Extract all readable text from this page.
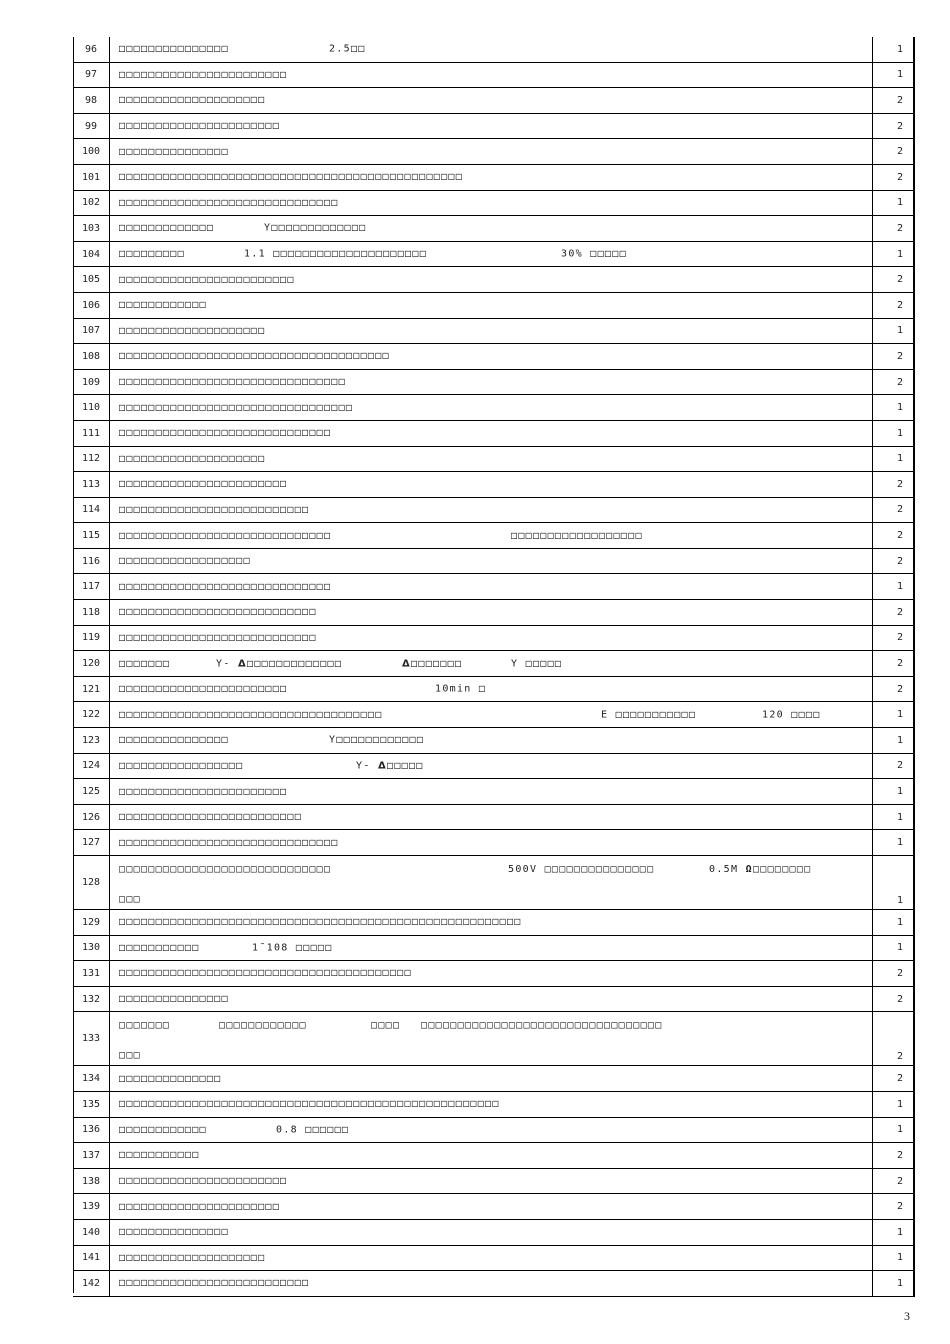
96	□□□□□□□□□□□□□□□ 2.5□□	1
97	□□□□□□□□□□□□□□□□□□□□□□□	1
98	□□□□□□□□□□□□□□□□□□□□	2
99	□□□□□□□□□□□□□□□□□□□□□□	2
100	□□□□□□□□□□□□□□□	2
101	□□□□□□□□□□□□□□□□□□□□□□□□□□□□□□□□□□□□□□□□□□□□□□□	2
102	□□□□□□□□□□□□□□□□□□□□□□□□□□□□□□	1
103	□□□□□□□□□□□□□ Y□□□□□□□□□□□□□	2
104	□□□□□□□□□ 1.1 □□□□□□□□□□□□□□□□□□□□□ 30% □□□□□	1
105	□□□□□□□□□□□□□□□□□□□□□□□□	2
106	□□□□□□□□□□□□	2
107	□□□□□□□□□□□□□□□□□□□□	1
108	□□□□□□□□□□□□□□□□□□□□□□□□□□□□□□□□□□□□□	2
109	□□□□□□□□□□□□□□□□□□□□□□□□□□□□□□□	2
110	□□□□□□□□□□□□□□□□□□□□□□□□□□□□□□□□	1
111	□□□□□□□□□□□□□□□□□□□□□□□□□□□□□	1
112	□□□□□□□□□□□□□□□□□□□□	1
113	□□□□□□□□□□□□□□□□□□□□□□□	2
114	□□□□□□□□□□□□□□□□□□□□□□□□□□	2
115	□□□□□□□□□□□□□□□□□□□□□□□□□□□□□ □□□□□□□□□□□□□□□□□□	2
116	□□□□□□□□□□□□□□□□□□	2
117	□□□□□□□□□□□□□□□□□□□□□□□□□□□□□	1
118	□□□□□□□□□□□□□□□□□□□□□□□□□□□	2
119	□□□□□□□□□□□□□□□□□□□□□□□□□□□	2
120	□□□□□□□ Y- Δ□□□□□□□□□□□□□ Δ□□□□□□□ Y □□□□□	2
121	□□□□□□□□□□□□□□□□□□□□□□□ 10min □	2
122	□□□□□□□□□□□□□□□□□□□□□□□□□□□□□□□□□□□□ E □□□□□□□□□□□ 120 □□□□	1
123	□□□□□□□□□□□□□□□ Y□□□□□□□□□□□□	1
124	□□□□□□□□□□□□□□□□□ Y- Δ□□□□□	2
125	□□□□□□□□□□□□□□□□□□□□□□□	1
126	□□□□□□□□□□□□□□□□□□□□□□□□□	1
127	□□□□□□□□□□□□□□□□□□□□□□□□□□□□□□	1
128	□□□□□□□□□□□□□□□□□□□□□□□□□□□□□ 500V □□□□□□□□□□□□□□□ 0.5M Ω□□□□□□□□
□□□	1
129	□□□□□□□□□□□□□□□□□□□□□□□□□□□□□□□□□□□□□□□□□□□□□□□□□□□□□□□	1
130	□□□□□□□□□□□ 1˜108 □□□□□	1
131	□□□□□□□□□□□□□□□□□□□□□□□□□□□□□□□□□□□□□□□□	2
132	□□□□□□□□□□□□□□□	2
133	□□□□□□□ □□□□□□□□□□□□ □□□□ □□□□□□□□□□□□□□□□□□□□□□□□□□□□□□□□□
□□□	2
134	□□□□□□□□□□□□□□	2
135	□□□□□□□□□□□□□□□□□□□□□□□□□□□□□□□□□□□□□□□□□□□□□□□□□□□□	1
136	□□□□□□□□□□□□ 0.8 □□□□□□	1
137	□□□□□□□□□□□	2
138	□□□□□□□□□□□□□□□□□□□□□□□	2
139	□□□□□□□□□□□□□□□□□□□□□□	2
140	□□□□□□□□□□□□□□□	1
141	□□□□□□□□□□□□□□□□□□□□	1
142	□□□□□□□□□□□□□□□□□□□□□□□□□□	1
3
